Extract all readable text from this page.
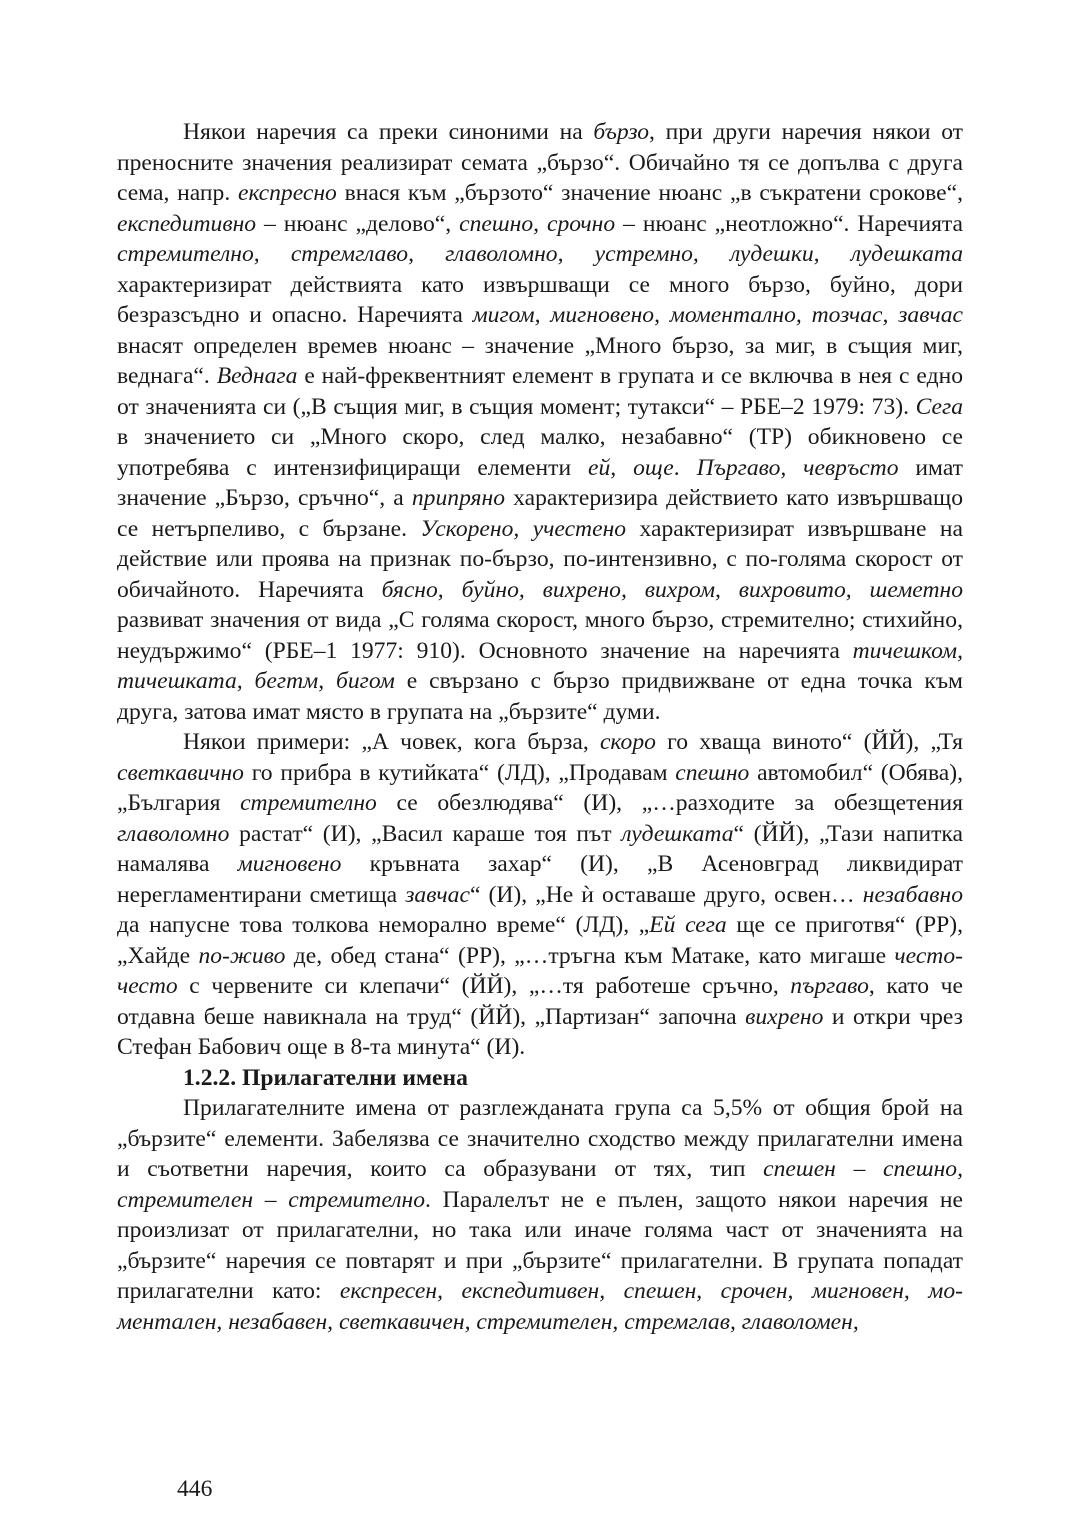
Някои наречия са преки синоними на бързо, при други наречия някои от преносните значения реализират семата „бързо“. Обичайно тя се допълва с друга сема, напр. експресно внася към „бързото“ значение нюанс „в съкратени срокове“, експедитивно – нюанс „делово“, спешно, срочно – нюанс „неотложно“. Наречията стремително, стремглаво, главоломно, устремно, лудешки, лудешката характеризират действията като извършващи се много бързо, буйно, дори безразсъдно и опасно. Наречията мигом, мигновено, моментално, тозчас, завчас внасят определен времев нюанс – значение „Много бързо, за миг, в същия миг, веднага“. Веднага е най-фреквентният елемент в групата и се включва в нея с едно от значенията си („В същия миг, в същия момент; тутакси“ – РБЕ–2 1979: 73). Сега в значението си „Много скоро, след малко, незабавно“ (ТР) обикновено се употребява с интензифициращи елементи ей, още. Пъргаво, чевръсто имат значение „Бързо, сръчно“, а припряно характеризира действието като извършващо се нетърпеливо, с бързане. Ускорено, учестено характеризират извършване на действие или проява на признак по-бързо, по-интензивно, с по-голяма скорост от обичайното. Наречията бясно, буйно, вихрено, вихром, вихровито, шеметно развиват значения от вида „С голяма скорост, много бързо, стремително; стихийно, неудържимо“ (РБЕ–1 1977: 910). Основното значение на наречията тичешком, тичешката, бегтм, бигом е свързано с бързо придвижване от една точка към друга, затова имат място в групата на „бързите“ думи.

Някои примери: „А човек, кога бърза, скоро го хваща виното“ (ЙЙ), „Тя светкавично го прибра в кутийката“ (ЛД), „Продавам спешно автомобил“ (Обява), „България стремително се обезлюдява“ (И), „…разходите за обезщетения главоломно растат“ (И), „Васил караше тоя път лудешката“ (ЙЙ), „Тази напитка намалява мигновено кръвната захар“ (И), „В Асеновград ликвидират нерегламентирани сметища завчас“ (И), „Не ѝ оставаше друго, освен… незабавно да напусне това толкова неморално време“ (ЛД), „Ей сега ще се приготвя“ (РР), „Хайде по-живо де, обед стана“ (РР), „…тръгна към Матаке, като мигаше често-често с червените си клепачи“ (ЙЙ), „…тя работеше сръчно, пъргаво, като че отдавна беше навикнала на труд“ (ЙЙ), „Партизан“ започна вихрено и откри чрез Стефан Бабович още в 8-та минута“ (И).

1.2.2. Прилагателни имена

Прилагателните имена от разглежданата група са 5,5% от общия брой на „бързите“ елементи. Забелязва се значително сходство между прилагателни имена и съответни наречия, които са образувани от тях, тип спешен – спешно, стремителен – стремително. Паралелът не е пълен, защото някои наречия не произлизат от прилагателни, но така или иначе голяма част от значенията на „бързите“ наречия се повтарят и при „бързите“ прилагателни. В групата попадат прилагателни като: експресен, експедитивен, спешен, срочен, мигновен, моментален, незабавен, светкавичен, стремителен, стремглав, главоломен,

446
